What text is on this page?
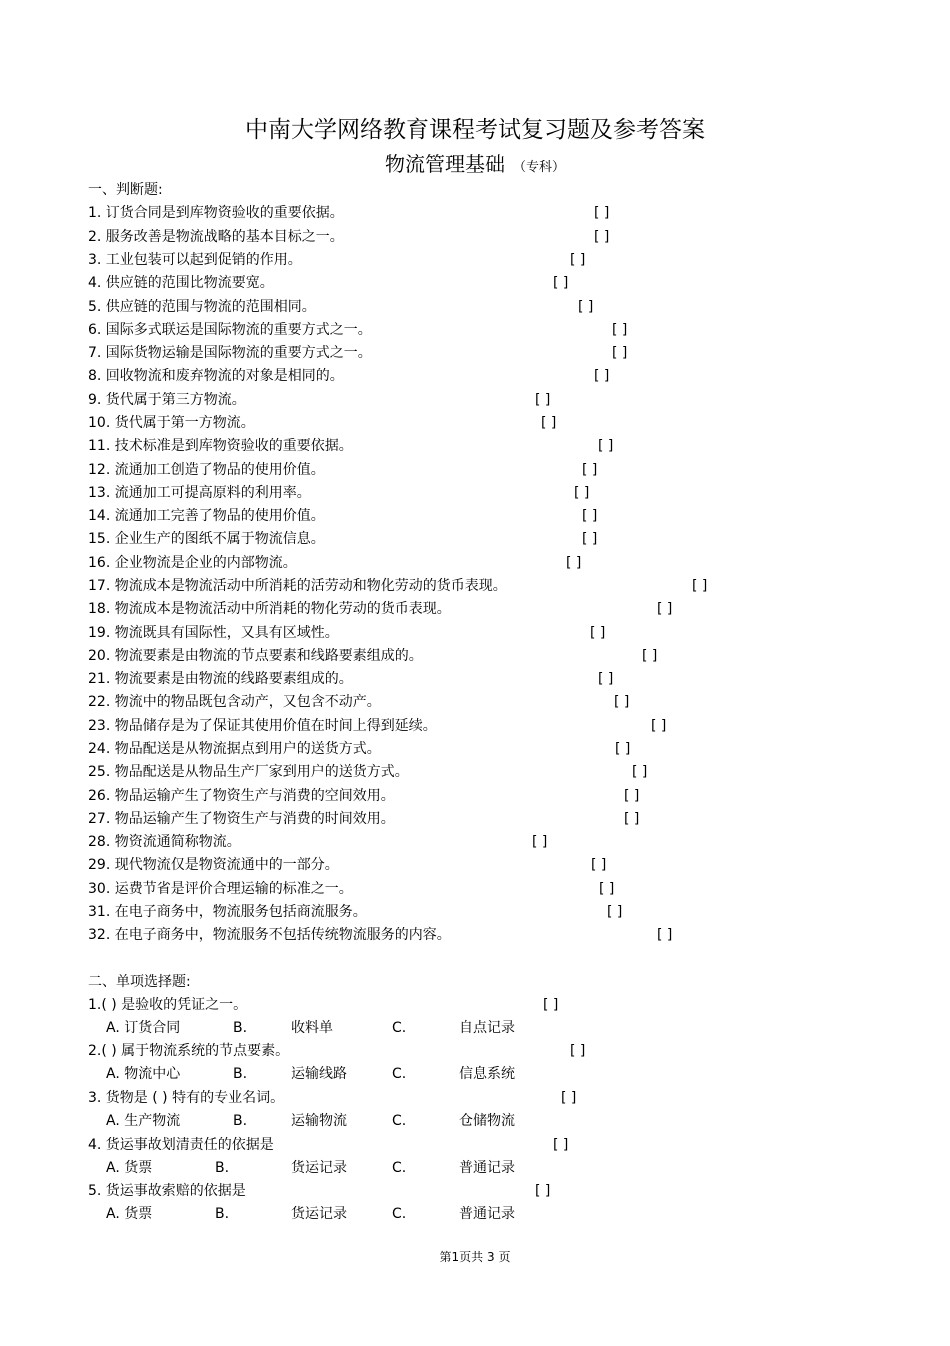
中南大学网络教育课程考试复习题及参考答案
物流管理基础 （专科）
一、判断题:
1. 订货合同是到库物资验收的重要依据。	[ ]
2. 服务改善是物流战略的基本目标之一。	[ ]
3. 工业包装可以起到促销的作用。	[ ]
4. 供应链的范围比物流要宽。	[ ]
5. 供应链的范围与物流的范围相同。	[ ]
6. 国际多式联运是国际物流的重要方式之一。	[ ]
7. 国际货物运输是国际物流的重要方式之一。	[ ]
8. 回收物流和废弃物流的对象是相同的。	[ ]
9. 货代属于第三方物流。	[ ]
10. 货代属于第一方物流。	[ ]
11. 技术标准是到库物资验收的重要依据。	[ ]
12. 流通加工创造了物品的使用价值。	[ ]
13. 流通加工可提高原料的利用率。	[ ]
14. 流通加工完善了物品的使用价值。	[ ]
15. 企业生产的图纸不属于物流信息。	[ ]
16. 企业物流是企业的内部物流。	[ ]
17. 物流成本是物流活动中所消耗的活劳动和物化劳动的货币表现。	[ ]
18. 物流成本是物流活动中所消耗的物化劳动的货币表现。	[ ]
19. 物流既具有国际性，又具有区域性。	[ ]
20. 物流要素是由物流的节点要素和线路要素组成的。	[ ]
21. 物流要素是由物流的线路要素组成的。	[ ]
22. 物流中的物品既包含动产，又包含不动产。	[ ]
23. 物品储存是为了保证其使用价值在时间上得到延续。	[ ]
24. 物品配送是从物流据点到用户的送货方式。	[ ]
25. 物品配送是从物品生产厂家到用户的送货方式。	[ ]
26. 物品运输产生了物资生产与消费的空间效用。	[ ]
27. 物品运输产生了物资生产与消费的时间效用。	[ ]
28. 物资流通简称物流。	[ ]
29. 现代物流仅是物资流通中的一部分。	[ ]
30. 运费节省是评价合理运输的标准之一。	[ ]
31. 在电子商务中，物流服务包括商流服务。	[ ]
32. 在电子商务中，物流服务不包括传统物流服务的内容。	[ ]
二、单项选择题:
1.( ) 是验收的凭证之一。	[ ]
A. 订货合同	B.	收料单	C.	自点记录
2.( ) 属于物流系统的节点要素。	[ ]
A. 物流中心	B.	运输线路	C.	信息系统
3. 货物是 ( ) 特有的专业名词。	[ ]
A. 生产物流	B.	运输物流	C.	仓储物流
4. 货运事故划清责任的依据是	[ ]
A. 货票	B.	货运记录	C.	普通记录
5. 货运事故索赔的依据是	[ ]
A. 货票	B.	货运记录	C.	普通记录
第1页共 3 页
